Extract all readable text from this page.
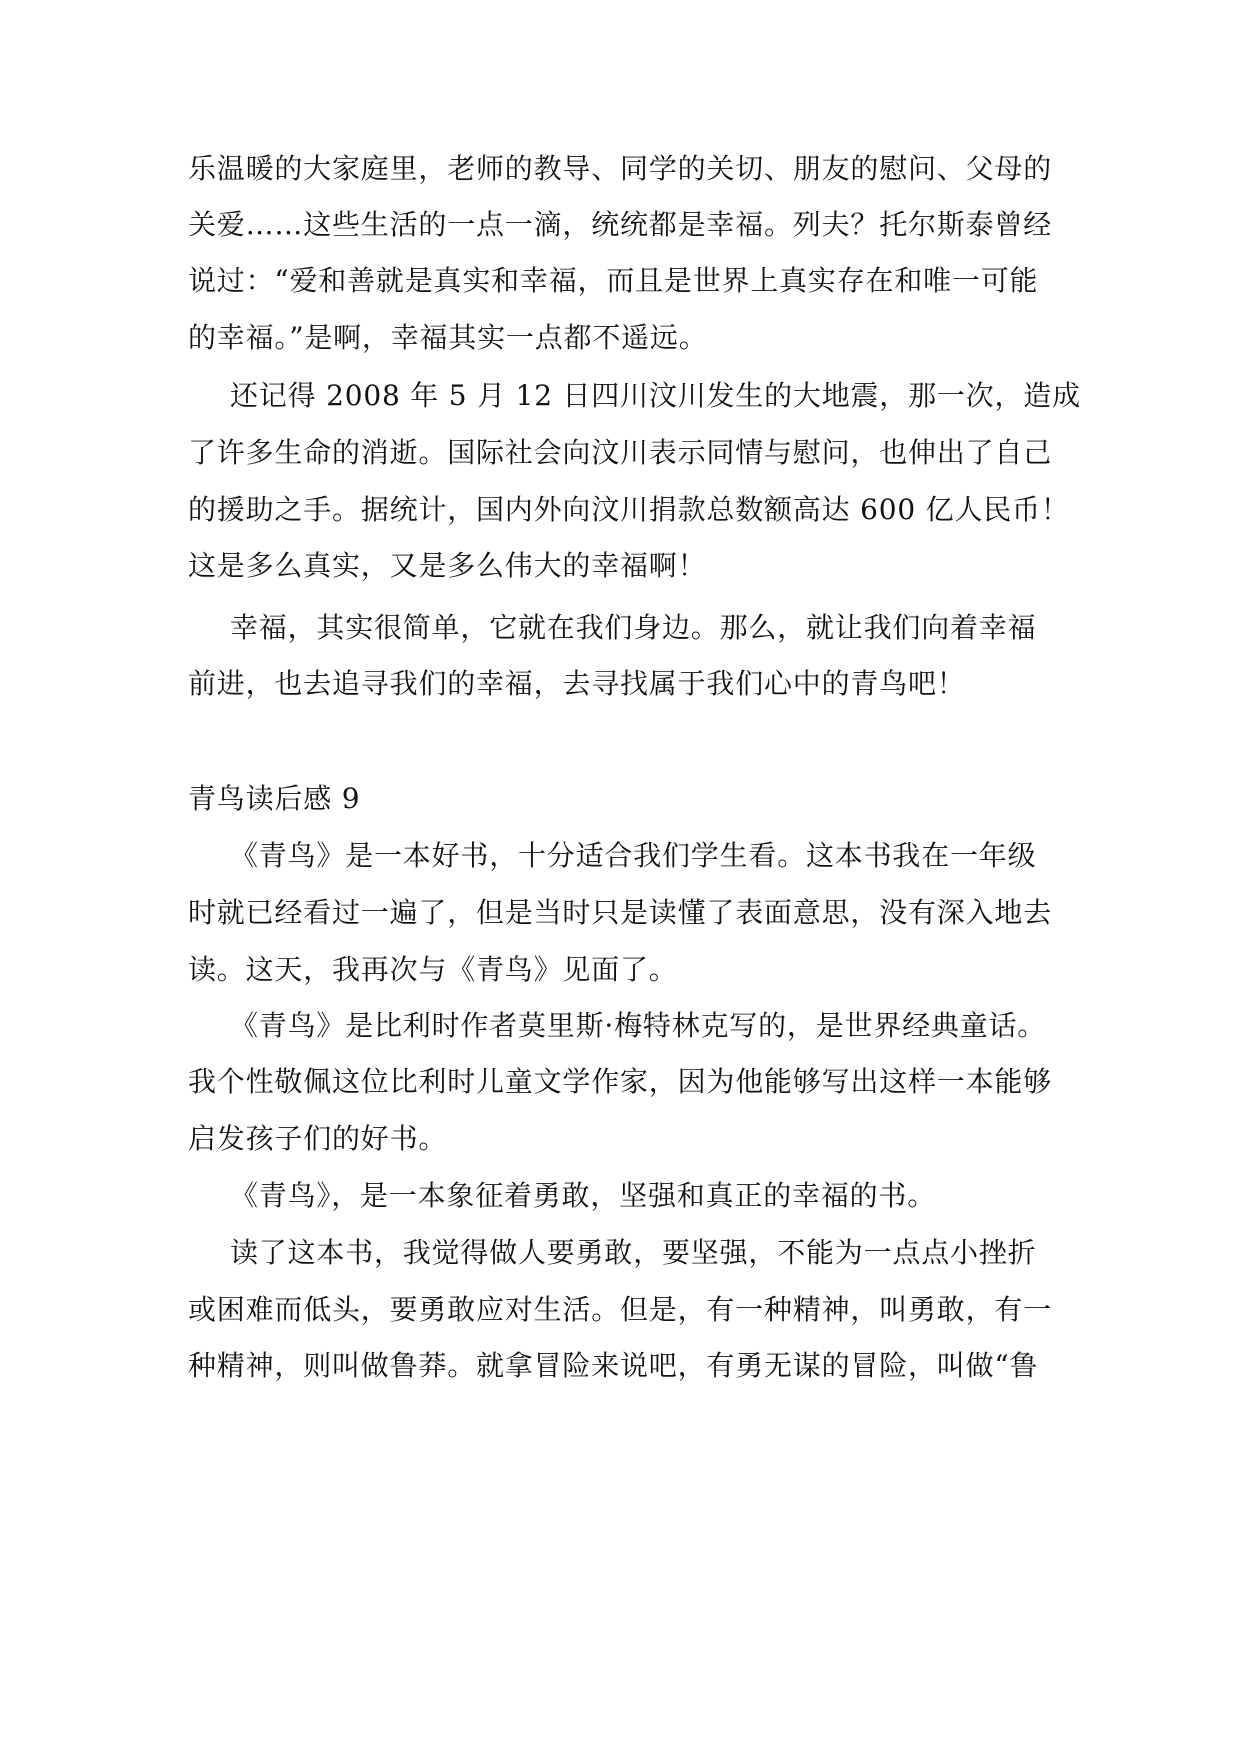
乐温暖的大家庭里，老师的教导、同学的关切、朋友的慰问、父母的
关爱……这些生活的一点一滴，统统都是幸福。列夫？托尔斯泰曾经
说过：“爱和善就是真实和幸福，而且是世界上真实存在和唯一可能
的幸福。”是啊，幸福其实一点都不遥远。
还记得 2008 年 5 月 12 日四川汶川发生的大地震，那一次，造成
了许多生命的消逝。国际社会向汶川表示同情与慰问，也伸出了自己
的援助之手。据统计，国内外向汶川捐款总数额高达 600 亿人民币！
这是多么真实，又是多么伟大的幸福啊！
幸福，其实很简单，它就在我们身边。那么，就让我们向着幸福
前进，也去追寻我们的幸福，去寻找属于我们心中的青鸟吧！
青鸟读后感 9
《青鸟》是一本好书，十分适合我们学生看。这本书我在一年级
时就已经看过一遍了，但是当时只是读懂了表面意思，没有深入地去
读。这天，我再次与《青鸟》见面了。
《青鸟》是比利时作者莫里斯·梅特林克写的，是世界经典童话。
我个性敬佩这位比利时儿童文学作家，因为他能够写出这样一本能够
启发孩子们的好书。
《青鸟》，是一本象征着勇敢，坚强和真正的幸福的书。
读了这本书，我觉得做人要勇敢，要坚强，不能为一点点小挫折
或困难而低头，要勇敢应对生活。但是，有一种精神，叫勇敢，有一
种精神，则叫做鲁莽。就拿冒险来说吧，有勇无谋的冒险，叫做“鲁
